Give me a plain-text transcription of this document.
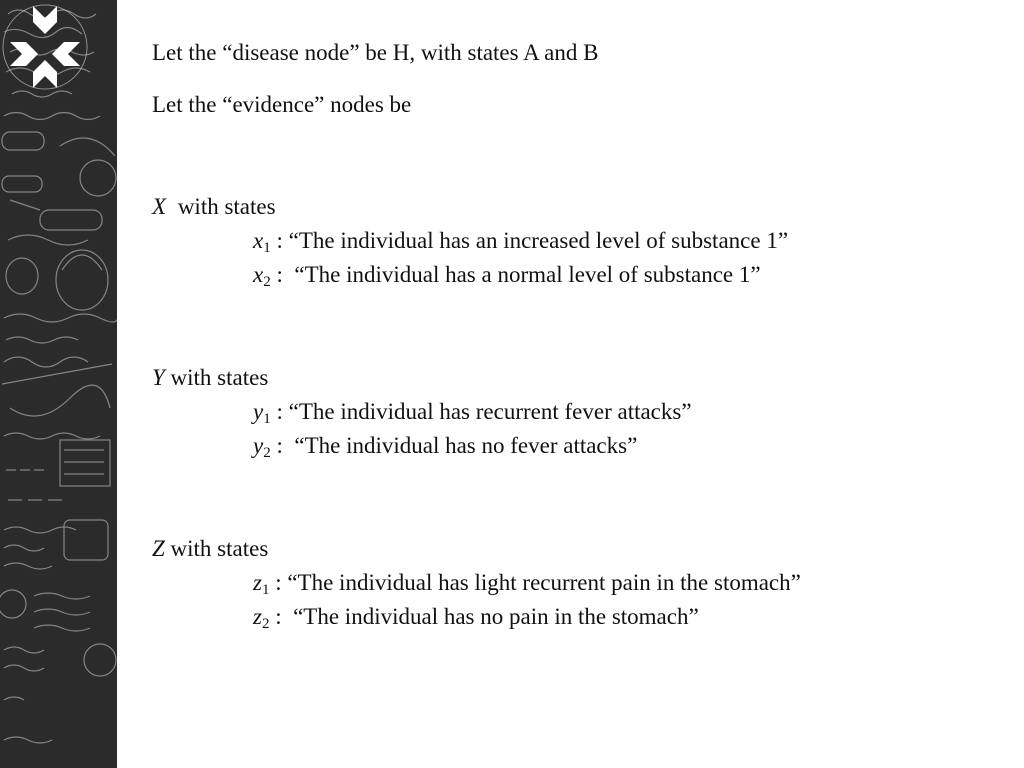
Let the “disease node” be H, with states A and B
Let the “evidence” nodes be
X with states
$x_1$ : “The individual has an increased level of substance 1”
$x_2$ :  “The individual has a normal level of substance 1”
Y with states
$y_1$ : “The individual has recurrent fever attacks”
$y_2$ :  “The individual has no fever attacks”
Z with states
$z_1$ : “The individual has light recurrent pain in the stomach”
$z_2$ :  “The individual has no pain in the stomach”
